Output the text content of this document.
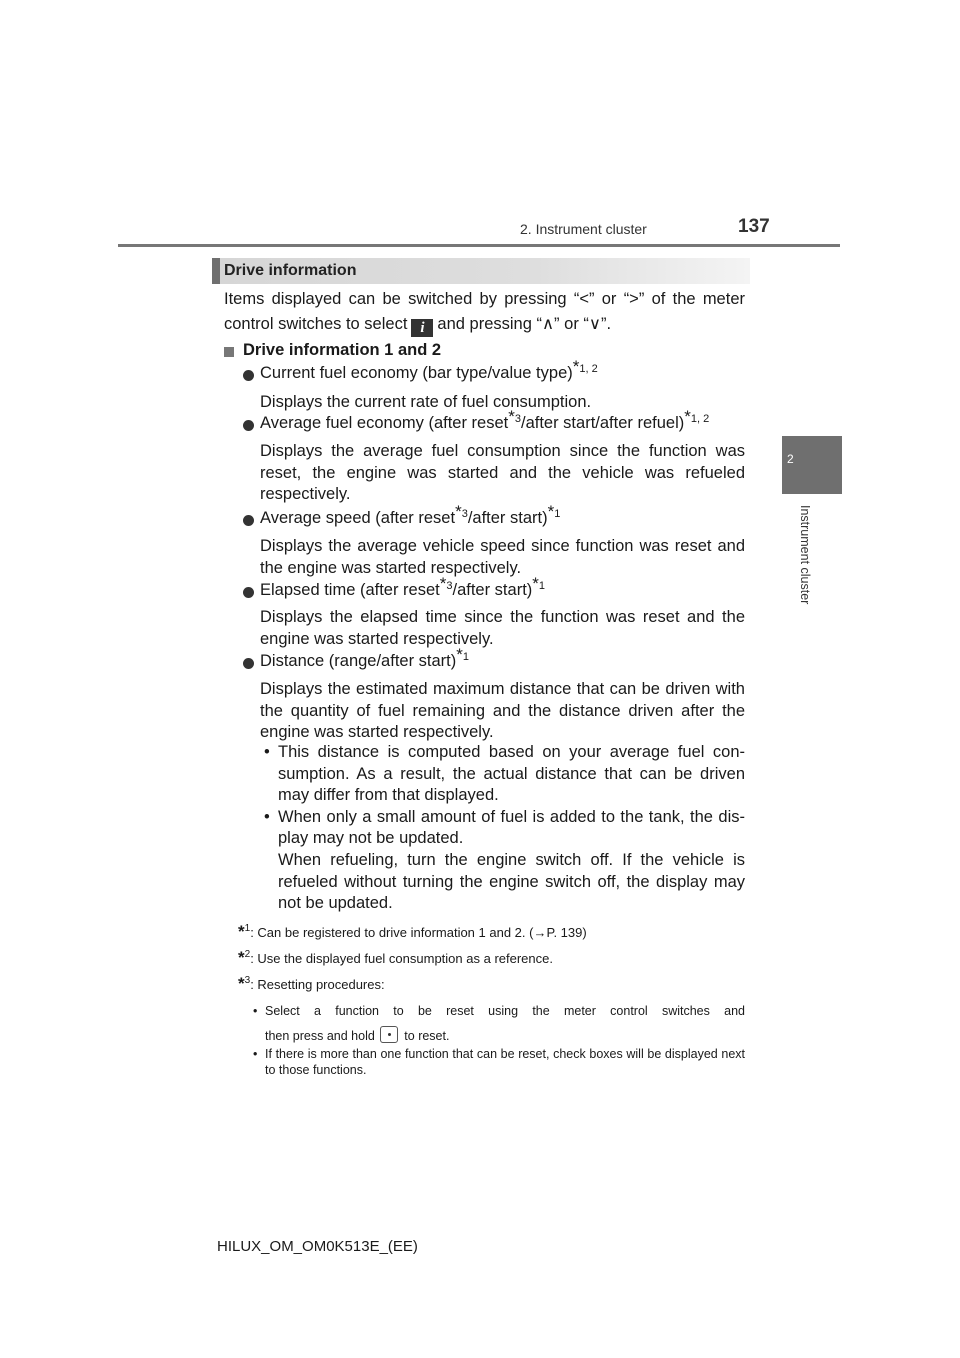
2. Instrument cluster	137
2
Instrument cluster
Drive information
Items displayed can be switched by pressing “<” or “>” of the meter
control switches to select i and pressing “∧” or “∨”.
Drive information 1 and 2
Current fuel economy (bar type/value type)$^{*1, 2}$
Displays the current rate of fuel consumption.
Average fuel economy (after reset$^{*3}$/after start/after refuel)$^{*1, 2}$
Displays the average fuel consumption since the function was reset, the engine was started and the vehicle was refueled respectively.
Average speed (after reset$^{*3}$/after start)$^{*1}$
Displays the average vehicle speed since function was reset and the engine was started respectively.
Elapsed time (after reset$^{*3}$/after start)$^{*1}$
Displays the elapsed time since the function was reset and the engine was started respectively.
Distance (range/after start)$^{*1}$
Displays the estimated maximum distance that can be driven with the quantity of fuel remaining and the distance driven after the engine was started respectively.
• This distance is computed based on your average fuel con-sumption. As a result, the actual distance that can be driven may differ from that displayed.
• When only a small amount of fuel is added to the tank, the dis-play may not be updated.
When refueling, turn the engine switch off. If the vehicle is refueled without turning the engine switch off, the display may not be updated.
*$^1$: Can be registered to drive information 1 and 2. (→P. 139)
*$^2$: Use the displayed fuel consumption as a reference.
*$^3$: Resetting procedures:
• Select a function to be reset using the meter control switches and
then press and hold to reset.
• If there is more than one function that can be reset, check boxes will be displayed next to those functions.
HILUX_OM_OM0K513E_(EE)
